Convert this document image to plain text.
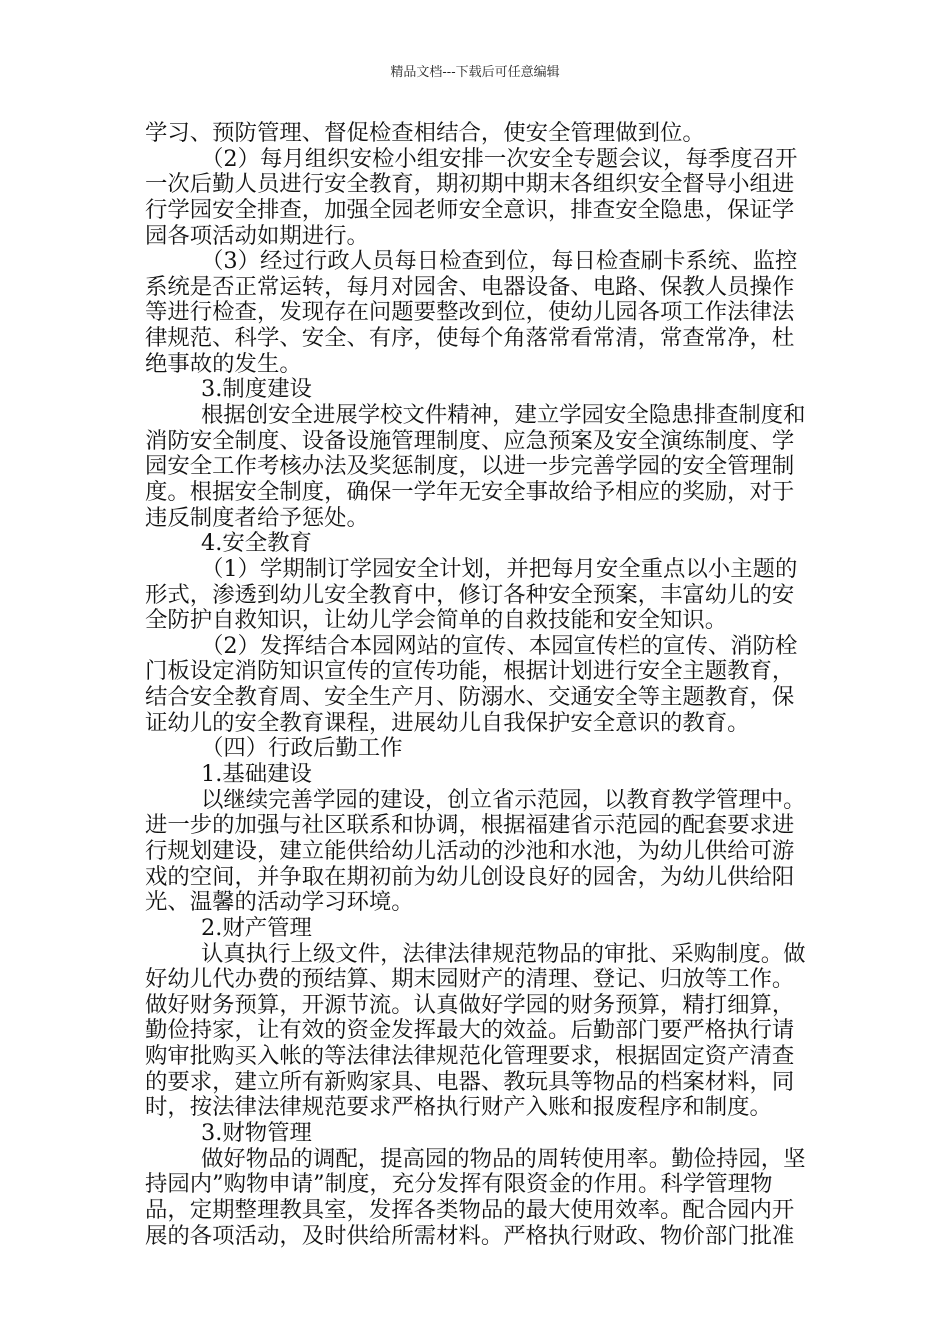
精品文档---下载后可任意编辑
学习、预防管理、督促检查相结合，使安全管理做到位。
（2）每月组织安检小组安排一次安全专题会议，每季度召开
一次后勤人员进行安全教育，期初期中期末各组织安全督导小组进
行学园安全排查，加强全园老师安全意识，排查安全隐患，保证学
园各项活动如期进行。
（3）经过行政人员每日检查到位，每日检查刷卡系统、监控
系统是否正常运转，每月对园舍、电器设备、电路、保教人员操作
等进行检查，发现存在问题要整改到位，使幼儿园各项工作法律法
律规范、科学、安全、有序，使每个角落常看常清，常查常净，杜
绝事故的发生。
3.制度建设
根据创安全进展学校文件精神，建立学园安全隐患排查制度和
消防安全制度、设备设施管理制度、应急预案及安全演练制度、学
园安全工作考核办法及奖惩制度，以进一步完善学园的安全管理制
度。根据安全制度，确保一学年无安全事故给予相应的奖励，对于
违反制度者给予惩处。
4.安全教育
（1）学期制订学园安全计划，并把每月安全重点以小主题的
形式，渗透到幼儿安全教育中，修订各种安全预案，丰富幼儿的安
全防护自救知识，让幼儿学会简单的自救技能和安全知识。
（2）发挥结合本园网站的宣传、本园宣传栏的宣传、消防栓
门板设定消防知识宣传的宣传功能，根据计划进行安全主题教育，
结合安全教育周、安全生产月、防溺水、交通安全等主题教育，保
证幼儿的安全教育课程，进展幼儿自我保护安全意识的教育。
（四）行政后勤工作
1.基础建设
以继续完善学园的建设，创立省示范园，以教育教学管理中。
进一步的加强与社区联系和协调，根据福建省示范园的配套要求进
行规划建设，建立能供给幼儿活动的沙池和水池，为幼儿供给可游
戏的空间，并争取在期初前为幼儿创设良好的园舍，为幼儿供给阳
光、温馨的活动学习环境。
2.财产管理
认真执行上级文件，法律法律规范物品的审批、采购制度。做
好幼儿代办费的预结算、期末园财产的清理、登记、归放等工作。
做好财务预算，开源节流。认真做好学园的财务预算，精打细算，
勤俭持家，让有效的资金发挥最大的效益。后勤部门要严格执行请
购审批购买入帐的等法律法律规范化管理要求，根据固定资产清查
的要求，建立所有新购家具、电器、教玩具等物品的档案材料，同
时，按法律法律规范要求严格执行财产入账和报废程序和制度。
3.财物管理
做好物品的调配，提高园的物品的周转使用率。勤俭持园，坚
持园内”购物申请”制度，充分发挥有限资金的作用。科学管理物
品，定期整理教具室，发挥各类物品的最大使用效率。配合园内开
展的各项活动，及时供给所需材料。严格执行财政、物价部门批准
